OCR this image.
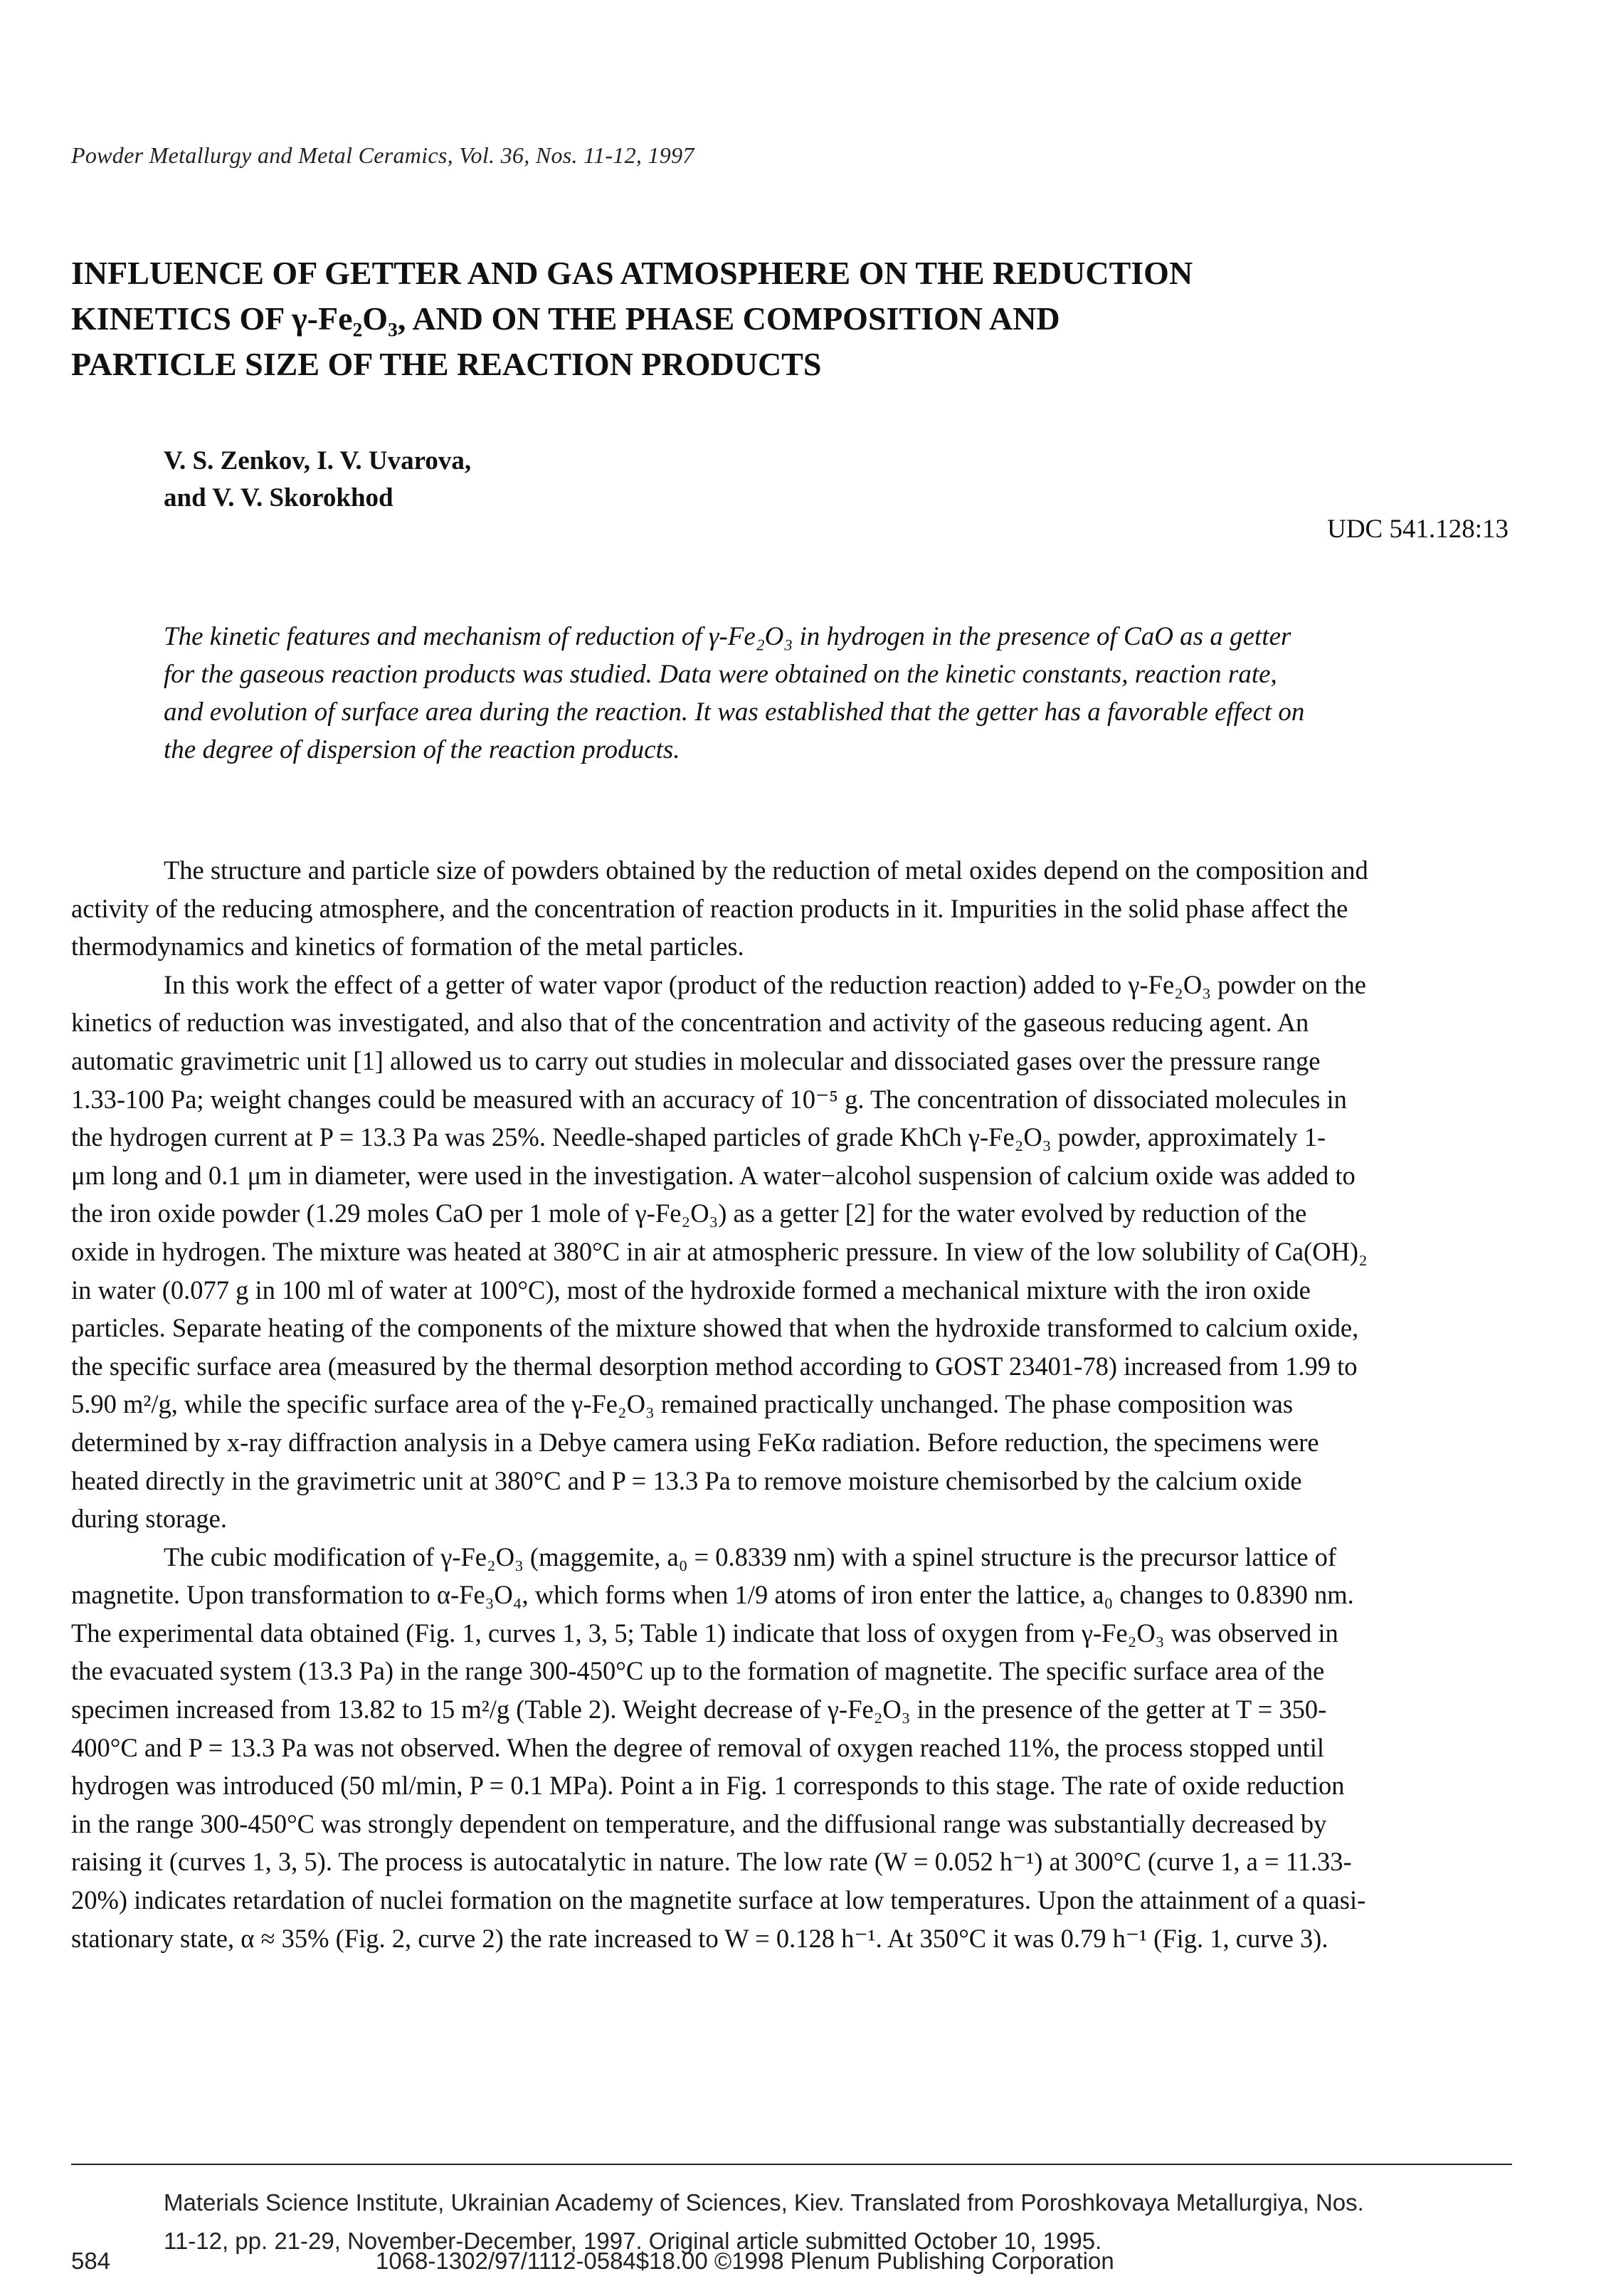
Powder Metallurgy and Metal Ceramics, Vol. 36, Nos. 11-12, 1997
INFLUENCE OF GETTER AND GAS ATMOSPHERE ON THE REDUCTION
KINETICS OF γ-Fe₂O₃, AND ON THE PHASE COMPOSITION AND
PARTICLE SIZE OF THE REACTION PRODUCTS
V. S. Zenkov, I. V. Uvarova,
and V. V. Skorokhod
UDC 541.128:13
The kinetic features and mechanism of reduction of γ-Fe₂O₃ in hydrogen in the presence of CaO as a getter
for the gaseous reaction products was studied. Data were obtained on the kinetic constants, reaction rate,
and evolution of surface area during the reaction. It was established that the getter has a favorable effect on
the degree of dispersion of the reaction products.
The structure and particle size of powders obtained by the reduction of metal oxides depend on the composition and
activity of the reducing atmosphere, and the concentration of reaction products in it. Impurities in the solid phase affect the
thermodynamics and kinetics of formation of the metal particles.
In this work the effect of a getter of water vapor (product of the reduction reaction) added to γ-Fe₂O₃ powder on the
kinetics of reduction was investigated, and also that of the concentration and activity of the gaseous reducing agent. An
automatic gravimetric unit [1] allowed us to carry out studies in molecular and dissociated gases over the pressure range
1.33-100 Pa; weight changes could be measured with an accuracy of 10⁻⁵ g. The concentration of dissociated molecules in
the hydrogen current at P = 13.3 Pa was 25%. Needle-shaped particles of grade KhCh γ-Fe₂O₃ powder, approximately 1-
μm long and 0.1 μm in diameter, were used in the investigation. A water−alcohol suspension of calcium oxide was added to
the iron oxide powder (1.29 moles CaO per 1 mole of γ-Fe₂O₃) as a getter [2] for the water evolved by reduction of the
oxide in hydrogen. The mixture was heated at 380°C in air at atmospheric pressure. In view of the low solubility of Ca(OH)₂
in water (0.077 g in 100 ml of water at 100°C), most of the hydroxide formed a mechanical mixture with the iron oxide
particles. Separate heating of the components of the mixture showed that when the hydroxide transformed to calcium oxide,
the specific surface area (measured by the thermal desorption method according to GOST 23401-78) increased from 1.99 to
5.90 m²/g, while the specific surface area of the γ-Fe₂O₃ remained practically unchanged. The phase composition was
determined by x-ray diffraction analysis in a Debye camera using FeKα radiation. Before reduction, the specimens were
heated directly in the gravimetric unit at 380°C and P = 13.3 Pa to remove moisture chemisorbed by the calcium oxide
during storage.
The cubic modification of γ-Fe₂O₃ (maggemite, a₀ = 0.8339 nm) with a spinel structure is the precursor lattice of
magnetite. Upon transformation to α-Fe₃O₄, which forms when 1/9 atoms of iron enter the lattice, a₀ changes to 0.8390 nm.
The experimental data obtained (Fig. 1, curves 1, 3, 5; Table 1) indicate that loss of oxygen from γ-Fe₂O₃ was observed in
the evacuated system (13.3 Pa) in the range 300-450°C up to the formation of magnetite. The specific surface area of the
specimen increased from 13.82 to 15 m²/g (Table 2). Weight decrease of γ-Fe₂O₃ in the presence of the getter at T = 350-
400°C and P = 13.3 Pa was not observed. When the degree of removal of oxygen reached 11%, the process stopped until
hydrogen was introduced (50 ml/min, P = 0.1 MPa). Point a in Fig. 1 corresponds to this stage. The rate of oxide reduction
in the range 300-450°C was strongly dependent on temperature, and the diffusional range was substantially decreased by
raising it (curves 1, 3, 5). The process is autocatalytic in nature. The low rate (W = 0.052 h⁻¹) at 300°C (curve 1, a = 11.33-
20%) indicates retardation of nuclei formation on the magnetite surface at low temperatures. Upon the attainment of a quasi-
stationary state, α ≈ 35% (Fig. 2, curve 2) the rate increased to W = 0.128 h⁻¹. At 350°C it was 0.79 h⁻¹ (Fig. 1, curve 3).
Materials Science Institute, Ukrainian Academy of Sciences, Kiev. Translated from Poroshkovaya Metallurgiya, Nos.
11-12, pp. 21-29, November-December, 1997. Original article submitted October 10, 1995.
584	1068-1302/97/1112-0584$18.00 ©1998 Plenum Publishing Corporation
